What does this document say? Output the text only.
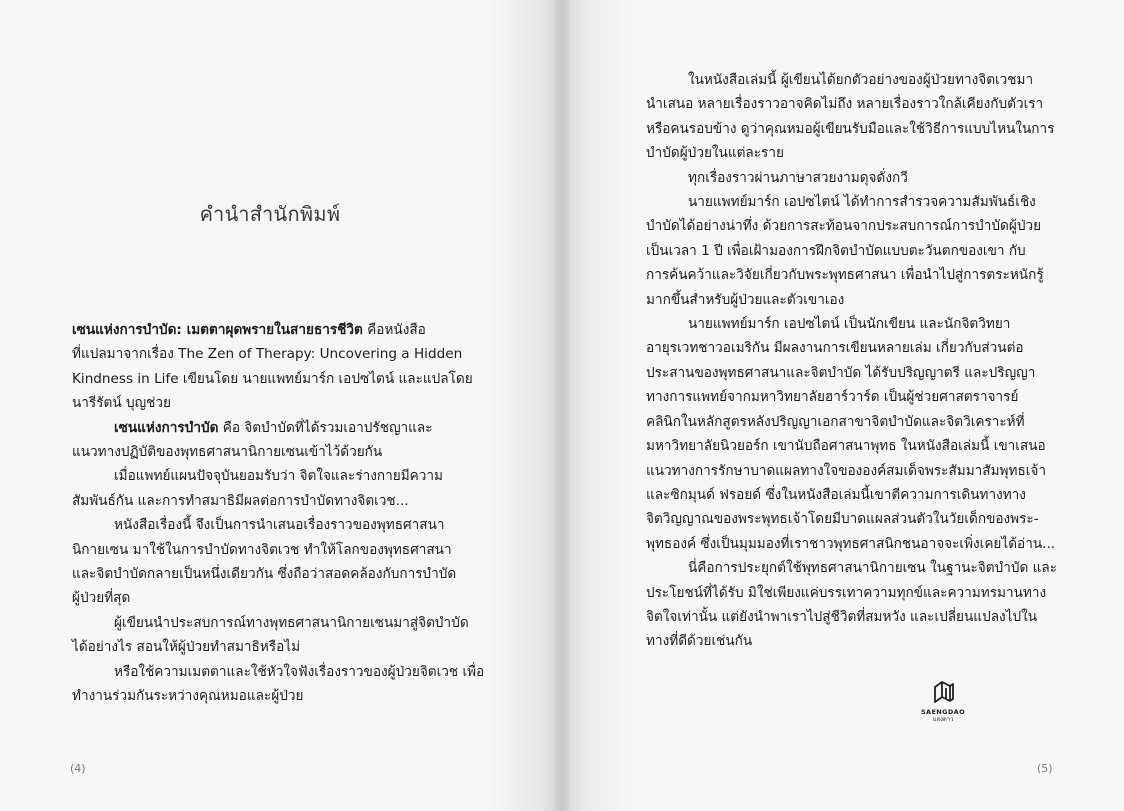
คำนำสำนักพิมพ์
เซนแห่งการบำบัด: เมตตาผุดพรายในสายธารชีวิต คือหนังสือ
ที่แปลมาจากเรื่อง The Zen of Therapy: Uncovering a Hidden
Kindness in Life เขียนโดย นายแพทย์มาร์ก เอปซไตน์ และแปลโดย
นารีรัตน์ บุญช่วย
เซนแห่งการบำบัด คือ จิตบำบัดที่ได้รวมเอาปรัชญาและ
แนวทางปฏิบัติของพุทธศาสนานิกายเซนเข้าไว้ด้วยกัน
เมื่อแพทย์แผนปัจจุบันยอมรับว่า จิตใจและร่างกายมีความ
สัมพันธ์กัน และการทำสมาธิมีผลต่อการบำบัดทางจิตเวช...
หนังสือเรื่องนี้ จึงเป็นการนำเสนอเรื่องราวของพุทธศาสนา
นิกายเซน มาใช้ในการบำบัดทางจิตเวช ทำให้โลกของพุทธศาสนา
และจิตบำบัดกลายเป็นหนึ่งเดียวกัน ซึ่งถือว่าสอดคล้องกับการบำบัด
ผู้ป่วยที่สุด
ผู้เขียนนำประสบการณ์ทางพุทธศาสนานิกายเซนมาสู่จิตบำบัด
ได้อย่างไร สอนให้ผู้ป่วยทำสมาธิหรือไม่
หรือใช้ความเมตตาและใช้หัวใจฟังเรื่องราวของผู้ป่วยจิตเวช เพื่อ
ทำงานร่วมกันระหว่างคุณหมอและผู้ป่วย
(4)
ในหนังสือเล่มนี้ ผู้เขียนได้ยกตัวอย่างของผู้ป่วยทางจิตเวชมา
นำเสนอ หลายเรื่องราวอาจคิดไม่ถึง หลายเรื่องราวใกล้เคียงกับตัวเรา
หรือคนรอบข้าง ดูว่าคุณหมอผู้เขียนรับมือและใช้วิธีการแบบไหนในการ
บำบัดผู้ป่วยในแต่ละราย
ทุกเรื่องราวผ่านภาษาสวยงามดุจดั่งกวี
นายแพทย์มาร์ก เอปซไตน์ ได้ทำการสำรวจความสัมพันธ์เชิง
บำบัดได้อย่างน่าทึ่ง ด้วยการสะท้อนจากประสบการณ์การบำบัดผู้ป่วย
เป็นเวลา 1 ปี เพื่อเฝ้ามองการฝึกจิตบำบัดแบบตะวันตกของเขา กับ
การค้นคว้าและวิจัยเกี่ยวกับพระพุทธศาสนา เพื่อนำไปสู่การตระหนักรู้
มากขึ้นสำหรับผู้ป่วยและตัวเขาเอง
นายแพทย์มาร์ก เอปซไตน์ เป็นนักเขียน และนักจิตวิทยา
อายุรเวทชาวอเมริกัน มีผลงานการเขียนหลายเล่ม เกี่ยวกับส่วนต่อ
ประสานของพุทธศาสนาและจิตบำบัด ได้รับปริญญาตรี และปริญญา
ทางการแพทย์จากมหาวิทยาลัยฮาร์วาร์ด เป็นผู้ช่วยศาสตราจารย์
คลินิกในหลักสูตรหลังปริญญาเอกสาขาจิตบำบัดและจิตวิเคราะห์ที่
มหาวิทยาลัยนิวยอร์ก เขานับถือศาสนาพุทธ ในหนังสือเล่มนี้ เขาเสนอ
แนวทางการรักษาบาดแผลทางใจขององค์สมเด็จพระสัมมาสัมพุทธเจ้า
และซิกมุนด์ ฟรอยด์ ซึ่งในหนังสือเล่มนี้เขาตีความการเดินทางทาง
จิตวิญญาณของพระพุทธเจ้าโดยมีบาดแผลส่วนตัวในวัยเด็กของพระ-
พุทธองค์ ซึ่งเป็นมุมมองที่เราชาวพุทธศาสนิกชนอาจจะเพิ่งเคยได้อ่าน...
นี่คือการประยุกต์ใช้พุทธศาสนานิกายเซน ในฐานะจิตบำบัด และ
ประโยชน์ที่ได้รับ มิใช่เพียงแค่บรรเทาความทุกข์และความทรมานทาง
จิตใจเท่านั้น แต่ยังนำพาเราไปสู่ชีวิตที่สมหวัง และเปลี่ยนแปลงไปใน
ทางที่ดีด้วยเช่นกัน
SAENGDAO
แสงดาว
(5)
